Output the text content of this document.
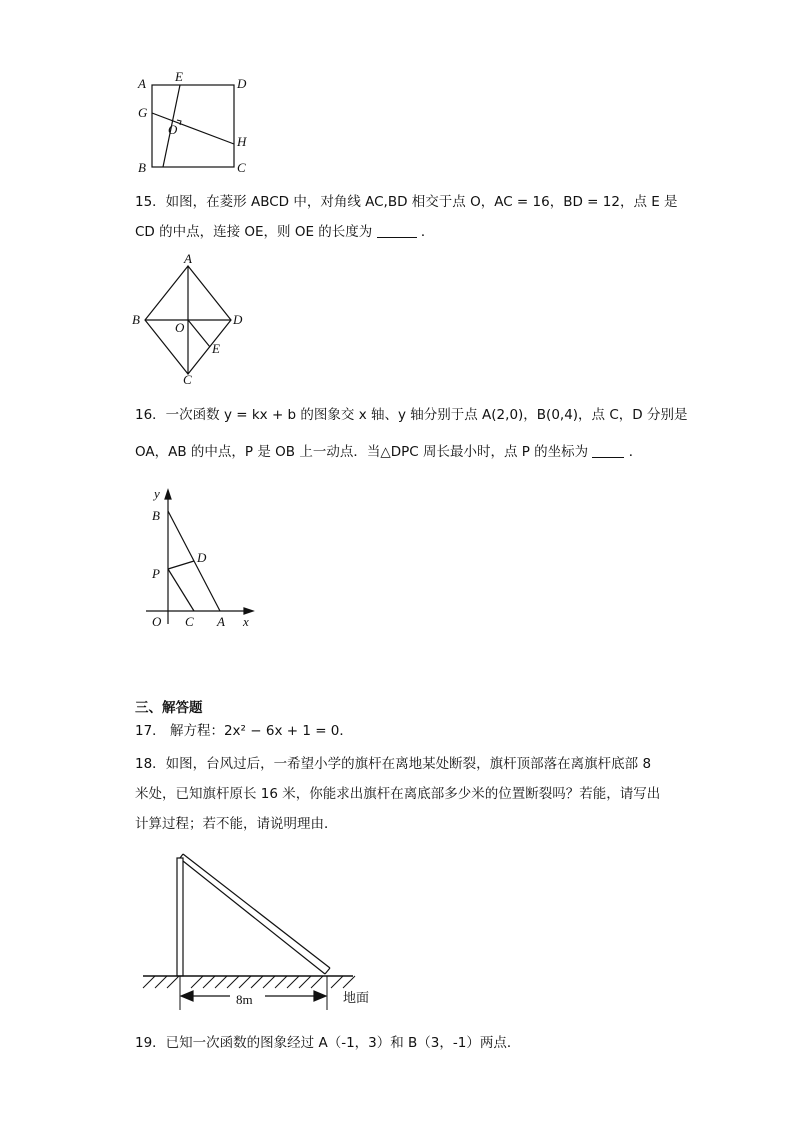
A E	D
G
O
H
B	C
15．如图，在菱形 ABCD 中，对角线 AC,BD 相交于点 O，AC = 16，BD = 12，点 E 是
CD 的中点，连接 OE，则 OE 的长度为	．
A
B
O
D
E
C
16．一次函数 y = kx + b 的图象交 x 轴、y 轴分别于点 A(2,0)，B(0,4)，点 C，D 分别是
OA，AB 的中点，P 是 OB 上一动点．当△DPC 周长最小时，点 P 的坐标为	．
y
B
D
P
O C A x
三、解答题
17． 解方程：2x² − 6x + 1 = 0．
18．如图，台风过后，一希望小学的旗杆在离地某处断裂，旗杆顶部落在离旗杆底部 8
米处，已知旗杆原长 16 米，你能求出旗杆在离底部多少米的位置断裂吗？若能，请写出
计算过程；若不能，请说明理由．
8m	地面
19．已知一次函数的图象经过 A（-1，3）和 B（3，-1）两点．
